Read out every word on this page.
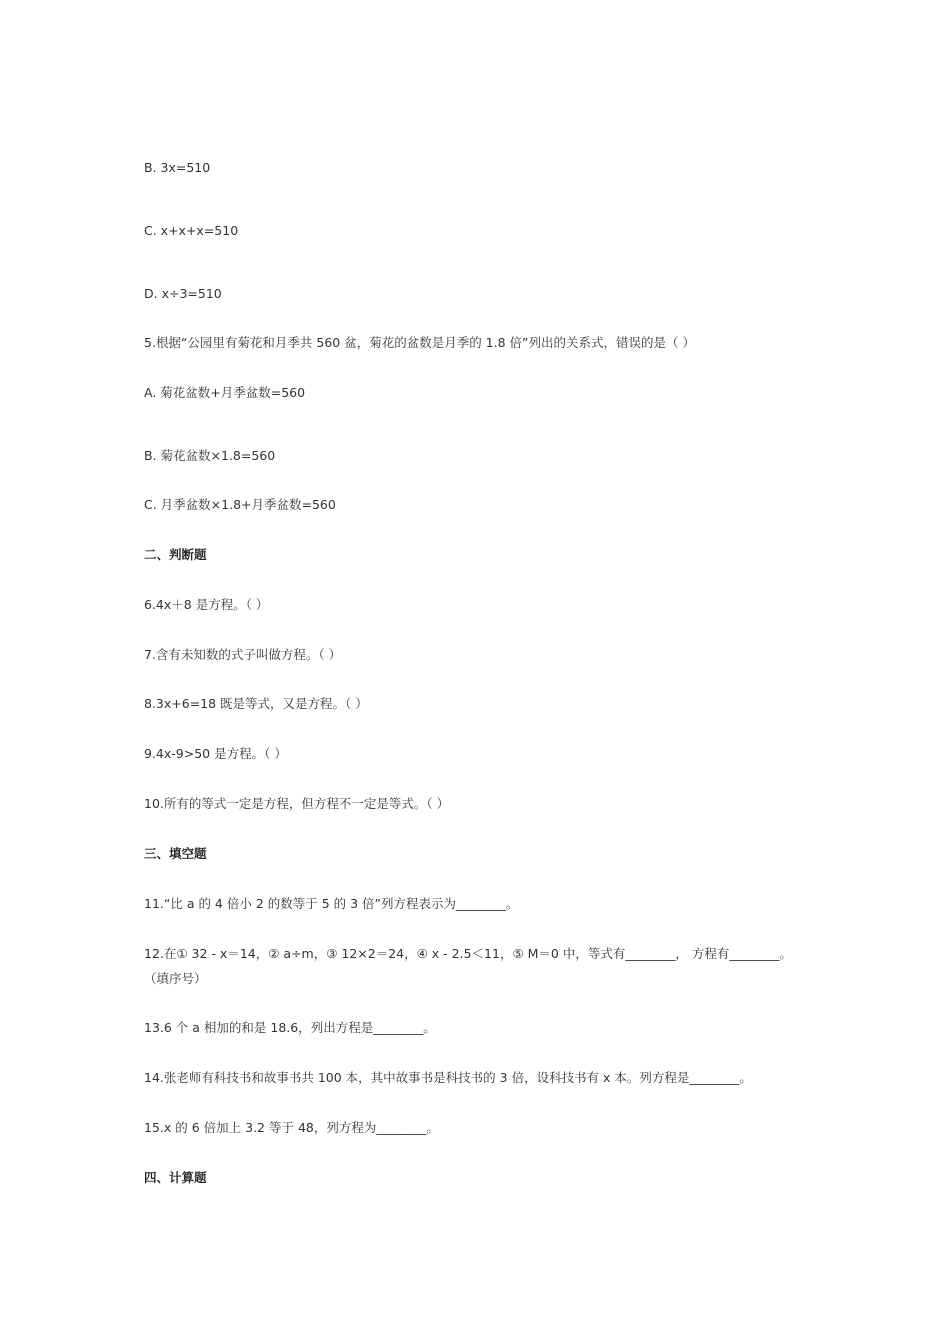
B. 3x=510
C. x+x+x=510
D. x÷3=510
5.根据“公园里有菊花和月季共 560 盆，菊花的盆数是月季的 1.8 倍”列出的关系式，错误的是（ ）
A. 菊花盆数+月季盆数=560
B. 菊花盆数×1.8=560
C. 月季盆数×1.8+月季盆数=560
二、判断题
6.4x＋8 是方程。（ ）
7.含有未知数的式子叫做方程。（ ）
8.3x+6=18 既是等式，又是方程。（ ）
9.4x-9>50 是方程。（ ）
10.所有的等式一定是方程，但方程不一定是等式。（ ）
三、填空题
11.“比 a 的 4 倍小 2 的数等于 5 的 3 倍”列方程表示为________。
12.在① 32 - x＝14，② a÷m，③ 12×2＝24，④ x - 2.5＜11，⑤ M＝0 中，等式有________， 方程有________。（填序号）
13.6 个 a 相加的和是 18.6，列出方程是________。
14.张老师有科技书和故事书共 100 本，其中故事书是科技书的 3 倍，设科技书有 x 本。列方程是________。
15.x 的 6 倍加上 3.2 等于 48，列方程为________。
四、计算题
